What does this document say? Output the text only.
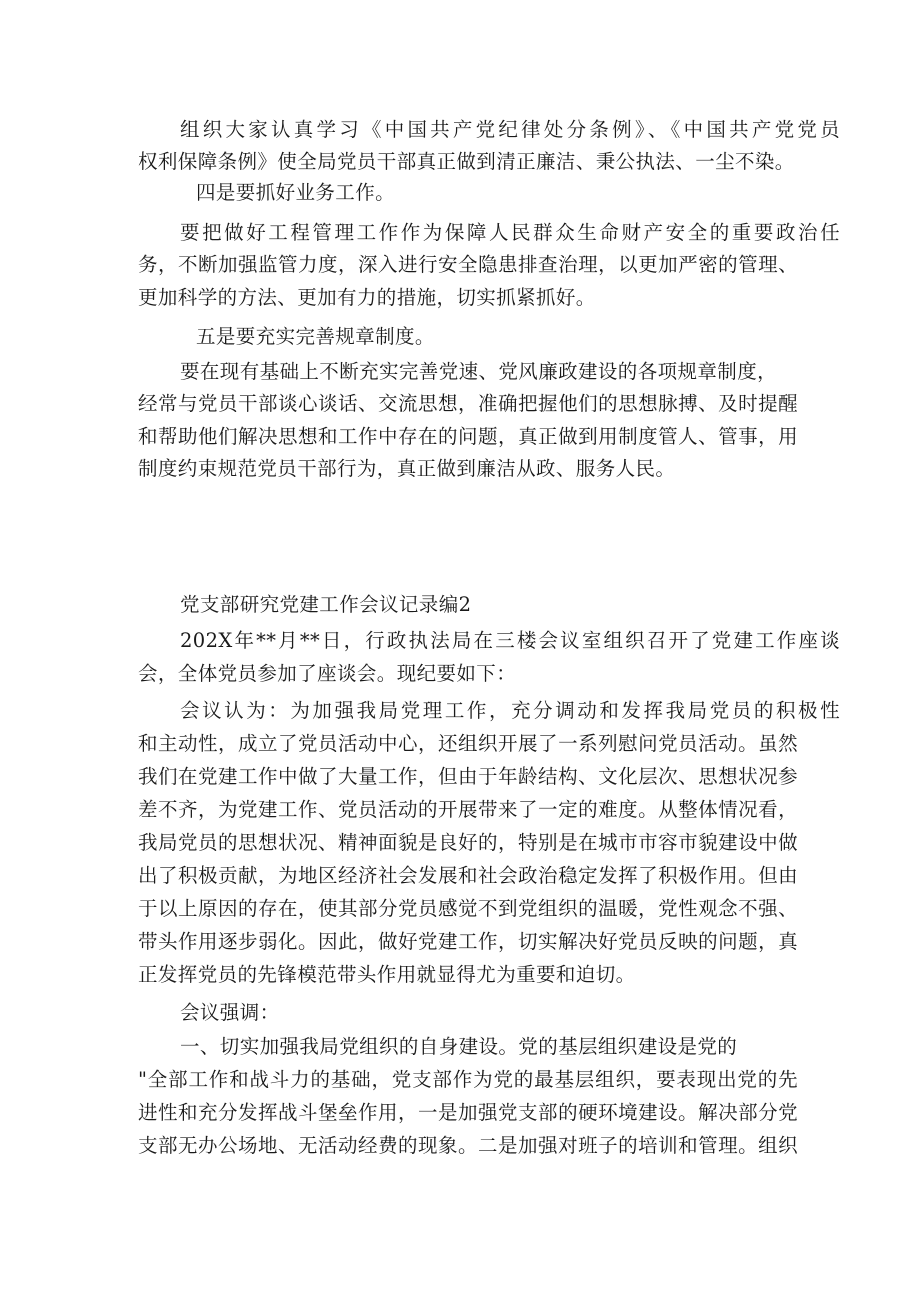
组织大家认真学习《中国共产党纪律处分条例》、《中国共产党党员

权利保障条例》使全局党员干部真正做到清正廉洁、秉公执法、一尘不染。

四是要抓好业务工作。

要把做好工程管理工作作为保障人民群众生命财产安全的重要政治任

务，不断加强监管力度，深入进行安全隐患排查治理，以更加严密的管理、

更加科学的方法、更加有力的措施，切实抓紧抓好。

五是要充实完善规章制度。

要在现有基础上不断充实完善党速、党风廉政建设的各项规章制度，

经常与党员干部谈心谈话、交流思想，准确把握他们的思想脉搏、及时提醒

和帮助他们解决思想和工作中存在的问题，真正做到用制度管人、管事，用

制度约束规范党员干部行为，真正做到廉洁从政、服务人民。

党支部研究党建工作会议记录编2

202X年**月**日，行政执法局在三楼会议室组织召开了党建工作座谈

会，全体党员参加了座谈会。现纪要如下：

会议认为：为加强我局党理工作，充分调动和发挥我局党员的积极性

和主动性，成立了党员活动中心，还组织开展了一系列慰问党员活动。虽然

我们在党建工作中做了大量工作，但由于年龄结构、文化层次、思想状况参

差不齐，为党建工作、党员活动的开展带来了一定的难度。从整体情况看，

我局党员的思想状况、精神面貌是良好的，特别是在城市市容市貌建设中做

出了积极贡献，为地区经济社会发展和社会政治稳定发挥了积极作用。但由

于以上原因的存在，使其部分党员感觉不到党组织的温暖，党性观念不强、

带头作用逐步弱化。因此，做好党建工作，切实解决好党员反映的问题，真

正发挥党员的先锋模范带头作用就显得尤为重要和迫切。

会议强调：

一、切实加强我局党组织的自身建设。党的基层组织建设是党的

"全部工作和战斗力的基础，党支部作为党的最基层组织，要表现出党的先

进性和充分发挥战斗堡垒作用，一是加强党支部的硬环境建设。解决部分党

支部无办公场地、无活动经费的现象。二是加强对班子的培训和管理。组织
